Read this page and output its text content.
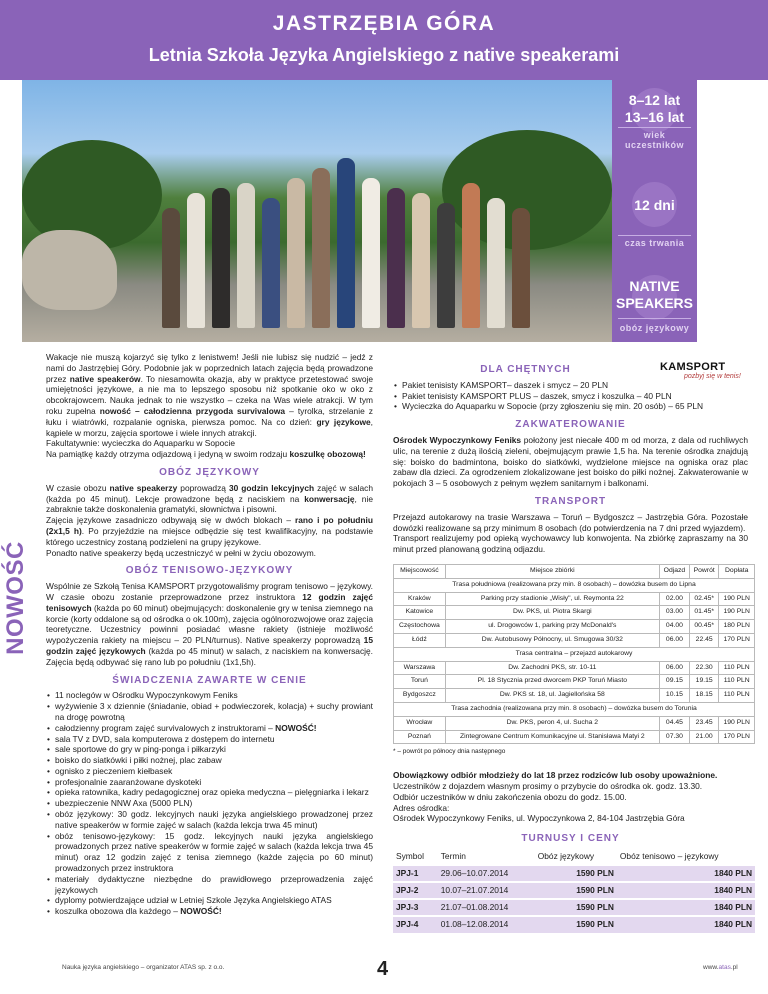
JASTRZĘBIA GÓRA
Letnia Szkoła Języka Angielskiego z native speakerami
8–12 lat
13–16 lat
wiek
uczestników
12 dni
czas trwania
NATIVE
SPEAKERS
obóz językowy
NOWOŚĆ

Wakacje nie muszą kojarzyć się tylko z lenistwem! Jeśli nie lubisz się nudzić – jedź z nami do Jastrzębiej Góry. Podobnie jak w poprzednich latach zajęcia będą prowadzone przez native speakerów. To niesamowita okazja, aby w praktyce przetestować swoje umiejętności językowe, a nie ma to lepszego sposobu niż spotkanie oko w oko z obcokrajowcem. Nauka jednak to nie wszystko – czeka na Was wiele atrakcji. W tym roku zupełna nowość – całodzienna przygoda survivalowa – tyrolka, strzelanie z łuku i wiatrówki, rozpalanie ogniska, pierwsza pomoc. Na co dzień: gry językowe, kąpiele w morzu, zajęcia sportowe i wiele innych atrakcji.

Fakultatywnie: wycieczka do Aquaparku w Sopocie

Na pamiątkę każdy otrzyma odjazdową i jedyną w swoim rodzaju koszulkę obozową!

OBÓZ JĘZYKOWY

W czasie obozu native speakerzy poprowadzą 30 godzin lekcyjnych zajęć w salach (każda po 45 minut). Lekcje prowadzone będą z naciskiem na konwersację, nie zabraknie także doskonalenia gramatyki, słownictwa i pisowni.

Zajęcia językowe zasadniczo odbywają się w dwóch blokach – rano i po południu (2x1,5 h). Po przyjeździe na miejsce odbędzie się test kwalifikacyjny, na podstawie którego uczestnicy zostaną podzieleni na grupy językowe.

Ponadto native speakerzy będą uczestniczyć w pełni w życiu obozowym.

OBÓZ TENISOWO-JĘZYKOWY

Wspólnie ze Szkołą Tenisa KAMSPORT przygotowaliśmy program tenisowo – językowy. W czasie obozu zostanie przeprowadzone przez instruktora 12 godzin zajęć tenisowych (każda po 60 minut) obejmujących: doskonalenie gry w tenisa ziemnego na korcie (korty oddalone są od ośrodka o ok.100m), zajęcia ogólnorozwojowe oraz zajęcia teoretyczne. Uczestnicy powinni posiadać własne rakiety (istnieje możliwość wypożyczenia rakiety na miejscu – 20 PLN/turnus). Native speakerzy poprowadzą 15 godzin zajęć językowych (każda po 45 minut) w salach, z naciskiem na konwersację. Zajęcia będą odbywać się rano lub po południu (1x1,5h).

ŚWIADCZENIA ZAWARTE W CENIE
• 11 noclegów w Ośrodku Wypoczynkowym Feniks
• wyżywienie 3 x dziennie (śniadanie, obiad + podwieczorek, kolacja) + suchy prowiant na drogę powrotną
• całodzienny program zajęć survivalowych z instruktorami – NOWOŚĆ!
• sala TV z DVD, sala komputerowa z dostępem do internetu
• sale sportowe do gry w ping-ponga i piłkarzyki
• boisko do siatkówki i piłki nożnej, plac zabaw
• ognisko z pieczeniem kiełbasek
• profesjonalnie zaaranżowane dyskoteki
• opieka ratownika, kadry pedagogicznej oraz opieka medyczna – pielęgniarka i lekarz
• ubezpieczenie NNW Axa (5000 PLN)
• obóz językowy: 30 godz. lekcyjnych nauki języka angielskiego prowadzonej przez native speakerów w formie zajęć w salach (każda lekcja trwa 45 minut)
• obóz tenisowo-językowy: 15 godz. lekcyjnych nauki języka angielskiego prowadzonych przez native speakerów w formie zajęć w salach (każda lekcja trwa 45 minut) oraz 12 godzin zajęć z tenisa ziemnego (każde zajęcia po 60 minut) prowadzonych przez instruktora
• materiały dydaktyczne niezbędne do prawidłowego przeprowadzenia zajęć językowych
• dyplomy potwierdzające udział w Letniej Szkole Języka Angielskiego ATAS
• koszulka obozowa dla każdego – NOWOŚĆ!
KAMSPORT
pozbyj się w tenis!
DLA CHĘTNYCH
• Pakiet tenisisty KAMSPORT– daszek i smycz – 20 PLN
• Pakiet tenisisty KAMSPORT PLUS – daszek, smycz i koszulka – 40 PLN
• Wycieczka do Aquaparku w Sopocie (przy zgłoszeniu się min. 20 osób) – 65 PLN
ZAKWATEROWANIE

Ośrodek Wypoczynkowy Feniks położony jest niecałe 400 m od morza, z dala od ruchliwych ulic, na terenie z dużą ilością zieleni, obejmującym prawie 1,5 ha. Na terenie ośrodka znajdują się: boisko do badmintona, boisko do siatkówki, wydzielone miejsce na ogniska oraz plac zabaw dla dzieci. Za ogrodzeniem zlokalizowane jest boisko do piłki nożnej. Zakwaterowanie w pokojach 3 – 5 osobowych z pełnym węzłem sanitarnym i balkonami.

TRANSPORT

Przejazd autokarowy na trasie Warszawa – Toruń – Bydgoszcz – Jastrzębia Góra. Pozostałe dowózki realizowane są przy minimum 8 osobach (do potwierdzenia na 7 dni przed wyjazdem).

Transport realizujemy pod opieką wychowawcy lub konwojenta. Na zbiórkę zapraszamy na 30 minut przed planowaną godziną odjazdu.

Miejscowość	Miejsce zbiórki	Odjazd	Powrót	Dopłata
Trasa południowa (realizowana przy min. 8 osobach) – dowózka busem do Lipna				
Kraków	Parking przy stadionie „Wisły", ul. Reymonta 22	02.00	02.45*	190 PLN
Katowice	Dw. PKS, ul. Piotra Skargi	03.00	01.45*	190 PLN
Częstochowa	ul. Drogowców 1, parking przy McDonald's	04.00	00.45*	180 PLN
Łódź	Dw. Autobusowy Północny, ul. Smugowa 30/32	06.00	22.45	170 PLN
Trasa centralna – przejazd autokarowy				
Warszawa	Dw. Zachodni PKS, str. 10-11	06.00	22.30	110 PLN
Toruń	Pl. 18 Stycznia przed dworcem PKP Toruń Miasto	09.15	19.15	110 PLN
Bydgoszcz	Dw. PKS st. 18, ul. Jagiellońska 58	10.15	18.15	110 PLN
Trasa zachodnia (realizowana przy min. 8 osobach) – dowózka busem do Torunia				
Wrocław	Dw. PKS, peron 4, ul. Sucha 2	04.45	23.45	190 PLN
Poznań	Zintegrowane Centrum Komunikacyjne ul. Stanisława Matyi 2	07.30	21.00	170 PLN
* – powrót po północy dnia następnego

Obowiązkowy odbiór młodzieży do lat 18 przez rodziców lub osoby upoważnione.

Uczestników z dojazdem własnym prosimy o przybycie do ośrodka ok. godz. 13.30.

Odbiór uczestników w dniu zakończenia obozu do godz. 15.00.

Adres ośrodka:

Ośrodek Wypoczynkowy Feniks, ul. Wypoczynkowa 2, 84-104 Jastrzębia Góra

TURNUSY I CENY
Symbol	Termin	Obóz językowy	Obóz tenisowo – językowy
JPJ-1	29.06–10.07.2014	1590 PLN	1840 PLN
JPJ-2	10.07–21.07.2014	1590 PLN	1840 PLN
JPJ-3	21.07–01.08.2014	1590 PLN	1840 PLN
JPJ-4	01.08–12.08.2014	1590 PLN	1840 PLN
Nauka języka angielskiego – organizator ATAS sp. z o.o.	4	www.atas.pl
